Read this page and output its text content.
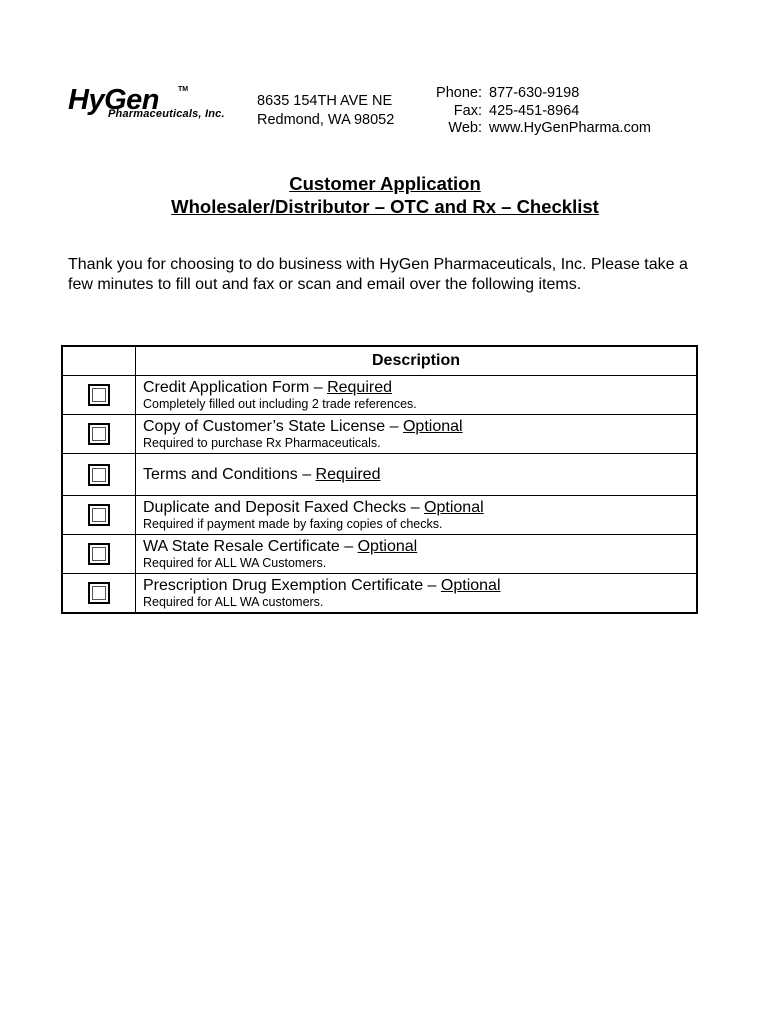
HyGen	TM
Pharmaceuticals, Inc.
8635 154TH AVE NE
Redmond, WA 98052
Phone: 877-630-9198
Fax: 425-451-8964
Web: www.HyGenPharma.com
Customer Application
Wholesaler/Distributor – OTC and Rx – Checklist
Thank you for choosing to do business with HyGen Pharmaceuticals, Inc. Please take a few minutes to fill out and fax or scan and email over the following items.
	Description

	Credit Application Form – Required
Completely filled out including 2 trade references.

	Copy of Customer’s State License – Optional
Required to purchase Rx Pharmaceuticals.

	Terms and Conditions – Required

	Duplicate and Deposit Faxed Checks – Optional
Required if payment made by faxing copies of checks.

	WA State Resale Certificate – Optional
Required for ALL WA Customers.

	Prescription Drug Exemption Certificate – Optional
Required for ALL WA customers.
